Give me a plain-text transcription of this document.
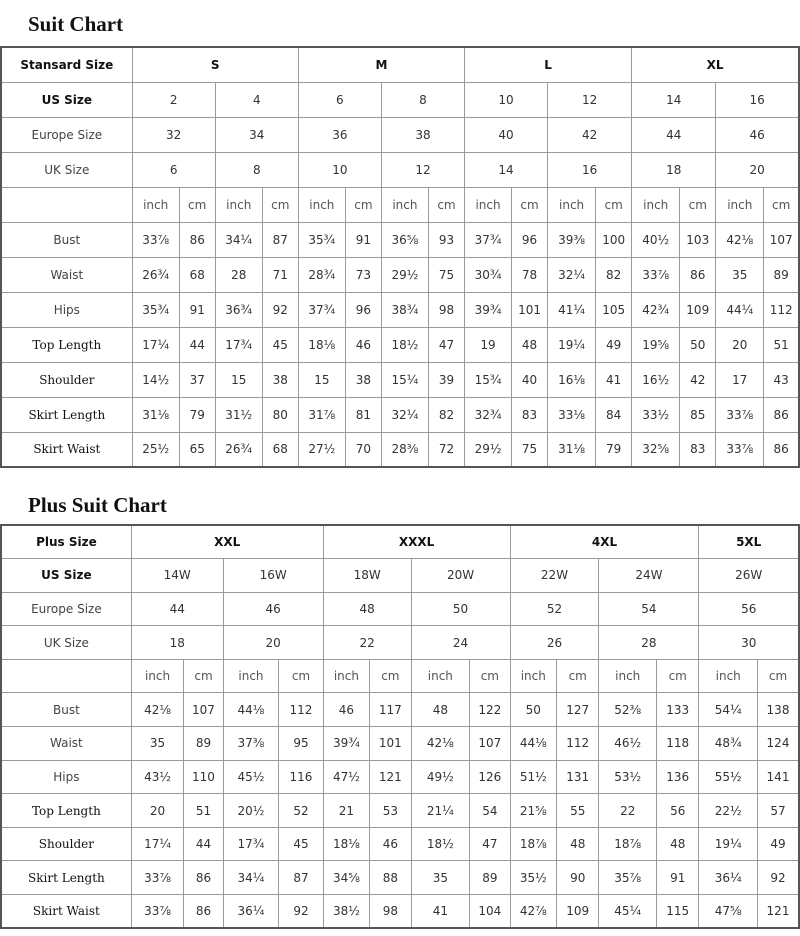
Suit Chart
Stansard Size	S				M				L				XL			
US Size	2		4		6		8		10		12		14		16	
Europe Size	32		34		36		38		40		42		44		46	
UK Size	6		8		10		12		14		16		18		20	
	inch	cm	inch	cm	inch	cm	inch	cm	inch	cm	inch	cm	inch	cm	inch	cm
Bust	33⅞	86	34¼	87	35¾	91	36⅝	93	37¾	96	39⅜	100	40½	103	42⅛	107
Waist	26¾	68	28	71	28¾	73	29½	75	30¾	78	32¼	82	33⅞	86	35	89
Hips	35¾	91	36¾	92	37¾	96	38¾	98	39¾	101	41¼	105	42¾	109	44¼	112
Top Length	17¼	44	17¾	45	18⅛	46	18½	47	19	48	19¼	49	19⅝	50	20	51
Shoulder	14½	37	15	38	15	38	15¼	39	15¾	40	16⅛	41	16½	42	17	43
Skirt Length	31⅛	79	31½	80	31⅞	81	32¼	82	32¾	83	33⅛	84	33½	85	33⅞	86
Skirt Waist	25½	65	26¾	68	27½	70	28⅜	72	29½	75	31⅛	79	32⅝	83	33⅞	86
Plus Suit Chart
Plus Size	XXL				XXXL				4XL				5XL	
US Size	14W		16W		18W		20W		22W		24W		26W	
Europe Size	44		46		48		50		52		54		56	
UK Size	18		20		22		24		26		28		30	
	inch	cm	inch	cm	inch	cm	inch	cm	inch	cm	inch	cm	inch	cm
Bust	42⅛	107	44⅛	112	46	117	48	122	50	127	52⅜	133	54¼	138
Waist	35	89	37⅜	95	39¾	101	42⅛	107	44⅛	112	46½	118	48¾	124
Hips	43½	110	45½	116	47½	121	49½	126	51½	131	53½	136	55½	141
Top Length	20	51	20½	52	21	53	21¼	54	21⅝	55	22	56	22½	57
Shoulder	17¼	44	17¾	45	18⅛	46	18½	47	18⅞	48	18⅞	48	19¼	49
Skirt Length	33⅞	86	34¼	87	34⅝	88	35	89	35½	90	35⅞	91	36¼	92
Skirt Waist	33⅞	86	36¼	92	38½	98	41	104	42⅞	109	45¼	115	47⅝	121
